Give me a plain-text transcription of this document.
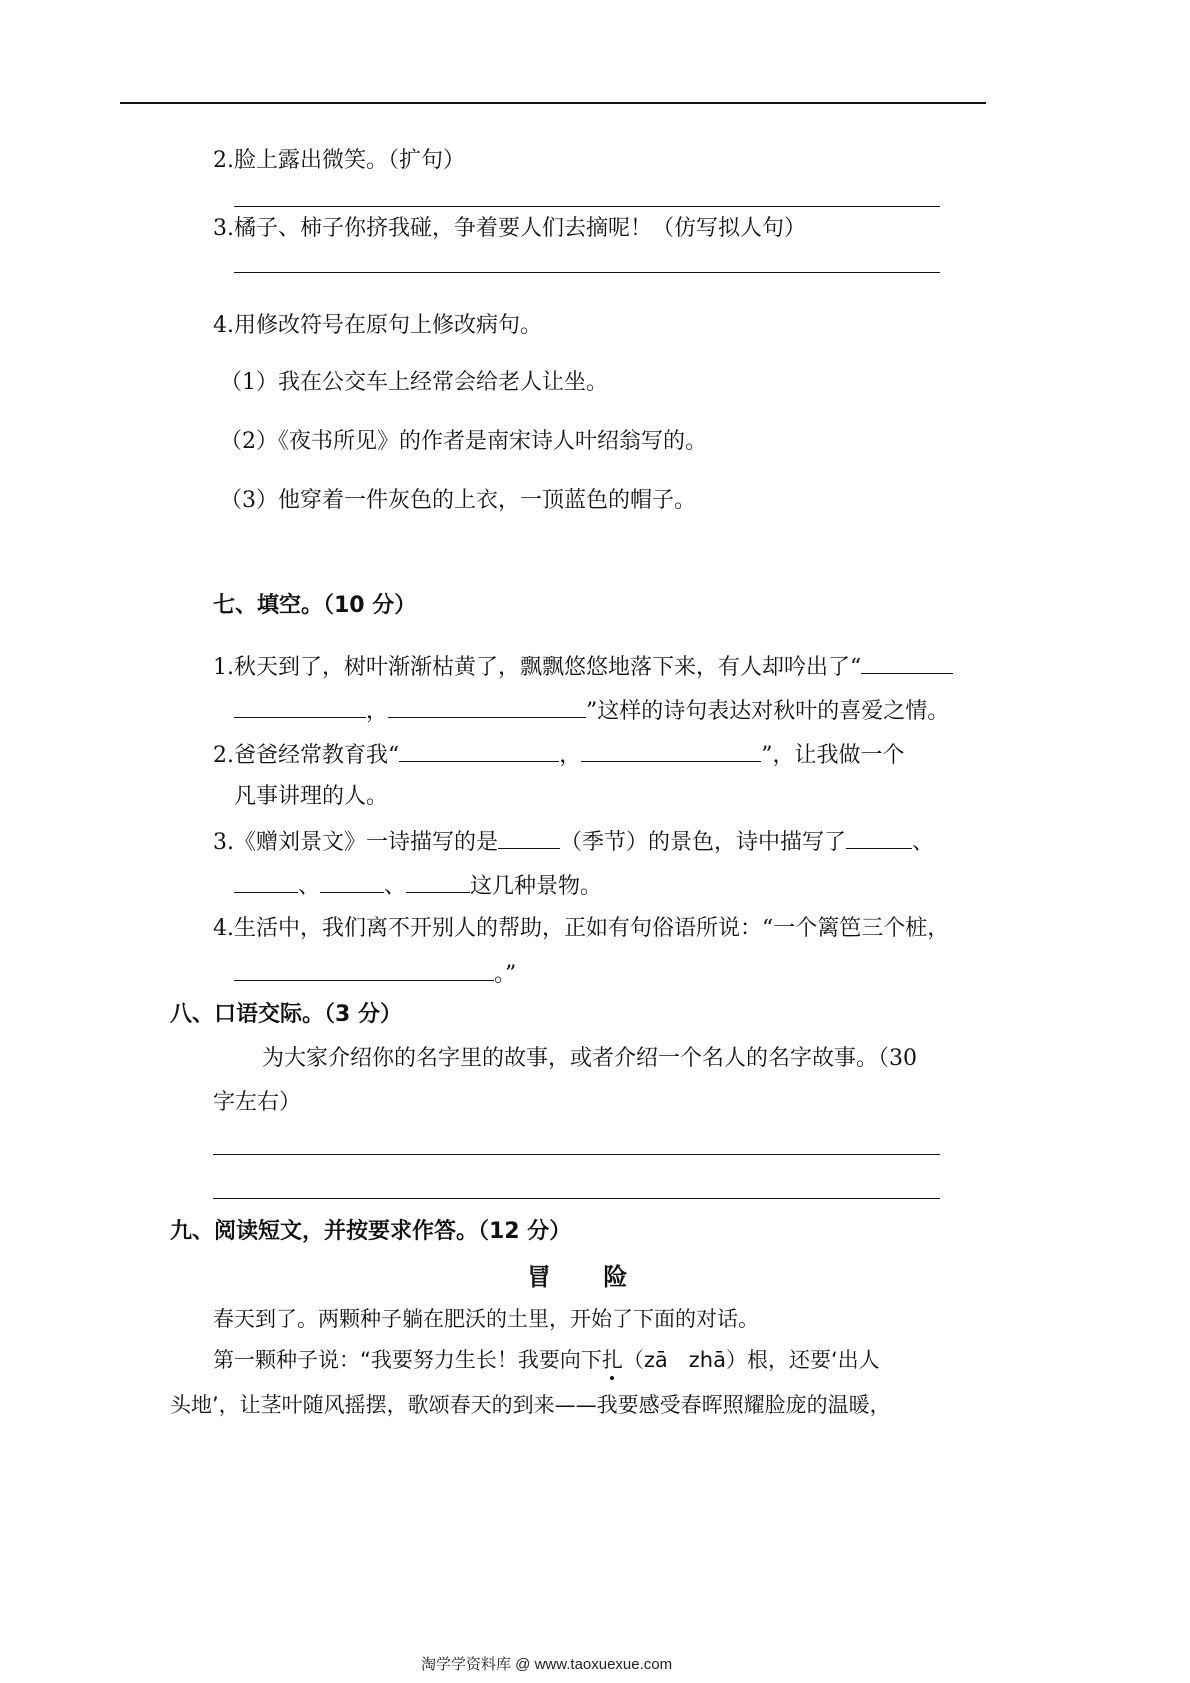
2.脸上露出微笑。（扩句）
3.橘子、柿子你挤我碰，争着要人们去摘呢！（仿写拟人句）
4.用修改符号在原句上修改病句。
（1）我在公交车上经常会给老人让坐。
（2）《夜书所见》的作者是南宋诗人叶绍翁写的。
（3）他穿着一件灰色的上衣，一顶蓝色的帽子。
七、填空。（10 分）
1.秋天到了，树叶渐渐枯黄了，飘飘悠悠地落下来，有人却吟出了“
，	”这样的诗句表达对秋叶的喜爱之情。
2.爸爸经常教育我“	，	”，让我做一个
凡事讲理的人。
3.《赠刘景文》一诗描写的是	（季节）的景色，诗中描写了	、
、	、	这几种景物。
4.生活中，我们离不开别人的帮助，正如有句俗语所说：“一个篱笆三个桩，
。”
八、口语交际。（3 分）
为大家介绍你的名字里的故事，或者介绍一个名人的名字故事。（30
字左右）
九、阅读短文，并按要求作答。（12 分）
冒 险
春天到了。两颗种子躺在肥沃的土里，开始了下面的对话。
第一颗种子说：“我要努力生长！我要向下扎（zā　zhā）根，还要‘出人
头地’，让茎叶随风摇摆，歌颂春天的到来——我要感受春晖照耀脸庞的温暖，
淘学学资料库 @ www.taoxuexue.com
